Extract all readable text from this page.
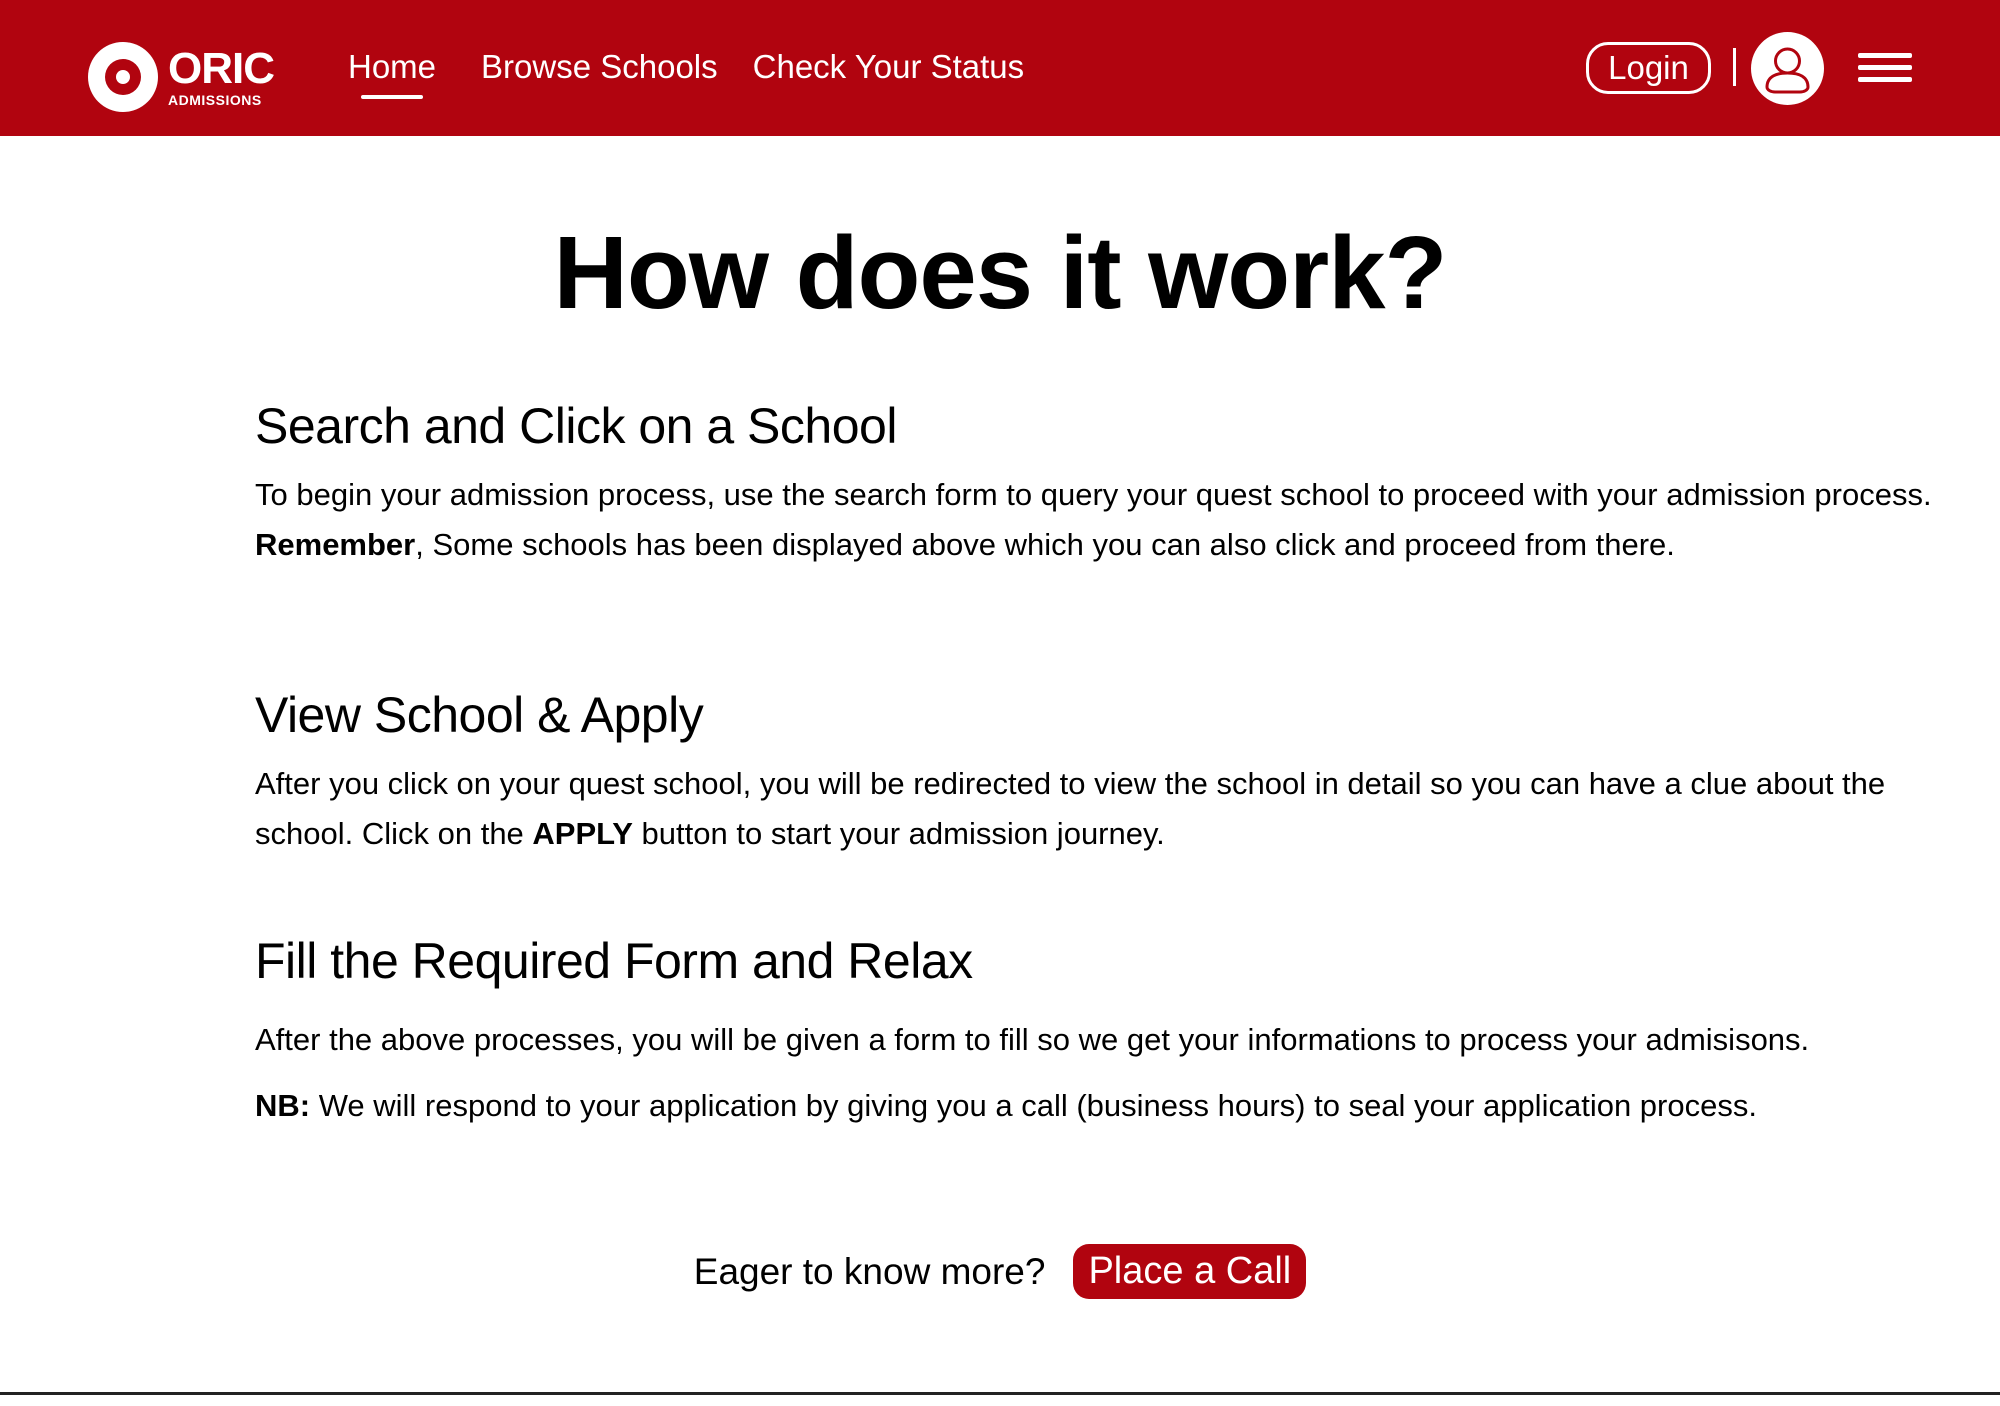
ORIC
ADMISSIONS
Home Browse Schools Check Your Status	Login
How does it work?
Search and Click on a School

To begin your admission process, use the search form to query your quest school to proceed with your admission process. Remember, Some schools has been displayed above which you can also click and proceed from there.

View School & Apply

After you click on your quest school, you will be redirected to view the school in detail so you can have a clue about the school. Click on the APPLY button to start your admission journey.

Fill the Required Form and Relax

After the above processes, you will be given a form to fill so we get your informations to process your admisisons.

NB: We will respond to your application by giving you a call (business hours) to seal your application process.

Eager to know more?	Place a Call
